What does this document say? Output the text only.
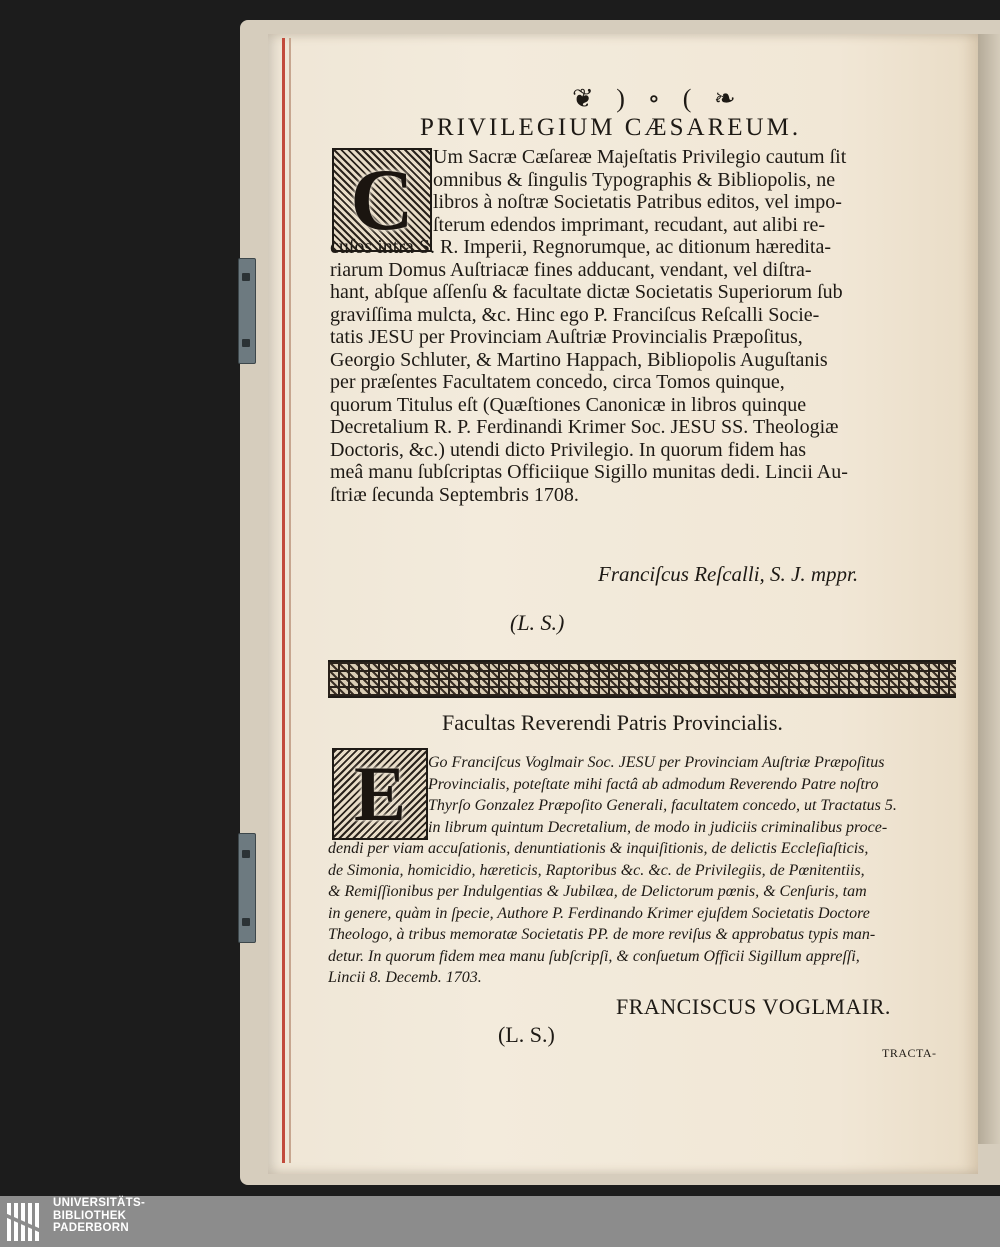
❦ ) ∘ ( ❧
PRIVILEGIUM CÆSAREUM.
C Um Sacræ Cæſareæ Majeſtatis Privilegio cautum ſit
omnibus & ſingulis Typographis & Bibliopolis, ne
libros à noſtræ Societatis Patribus editos, vel impo-
ſterum edendos imprimant, recudant, aut alibi re-
cuſos intra S. R. Imperii, Regnorumque, ac ditionum hæredita-
riarum Domus Auſtriacæ fines adducant, vendant, vel diſtra-
hant, abſque aſſenſu & facultate dictæ Societatis Superiorum ſub
graviſſima mulcta, &c. Hinc ego P. Franciſcus Reſcalli Socie-
tatis JESU per Provinciam Auſtriæ Provincialis Præpoſitus,
Georgio Schluter, & Martino Happach, Bibliopolis Auguſtanis
per præſentes Facultatem concedo, circa Tomos quinque,
quorum Titulus eſt (Quæſtiones Canonicæ in libros quinque
Decretalium R. P. Ferdinandi Krimer Soc. JESU SS. Theologiæ
Doctoris, &c.) utendi dicto Privilegio. In quorum fidem has
meâ manu ſubſcriptas Officiique Sigillo munitas dedi. Lincii Au-
ſtriæ ſecunda Septembris 1708.
Franciſcus Reſcalli, S. J. mppr.
(L. S.)
Facultas Reverendi Patris Provincialis.
E	Go Franciſcus Voglmair Soc. JESU per Provinciam Auſtriæ Præpoſitus
Provincialis, poteſtate mihi factâ ab admodum Reverendo Patre noſtro
Thyrſo Gonzalez Præpoſito Generali, facultatem concedo, ut Tractatus 5.
in librum quintum Decretalium, de modo in judiciis criminalibus proce-
dendi per viam accuſationis, denuntiationis & inquiſitionis, de delictis Eccleſiaſticis,
de Simonia, homicidio, hæreticis, Raptoribus &c. &c. de Privilegiis, de Pœnitentiis,
& Remiſſionibus per Indulgentias & Jubilæa, de Delictorum pœnis, & Cenſuris, tam
in genere, quàm in ſpecie, Authore P. Ferdinando Krimer ejuſdem Societatis Doctore
Theologo, à tribus memoratæ Societatis PP. de more reviſus & approbatus typis man-
detur. In quorum fidem mea manu ſubſcripſi, & conſuetum Officii Sigillum appreſſi,
Lincii 8. Decemb. 1703.
FRANCISCUS VOGLMAIR.
(L. S.)
TRACTA-
UNIVERSITÄTS-
BIBLIOTHEK
PADERBORN
